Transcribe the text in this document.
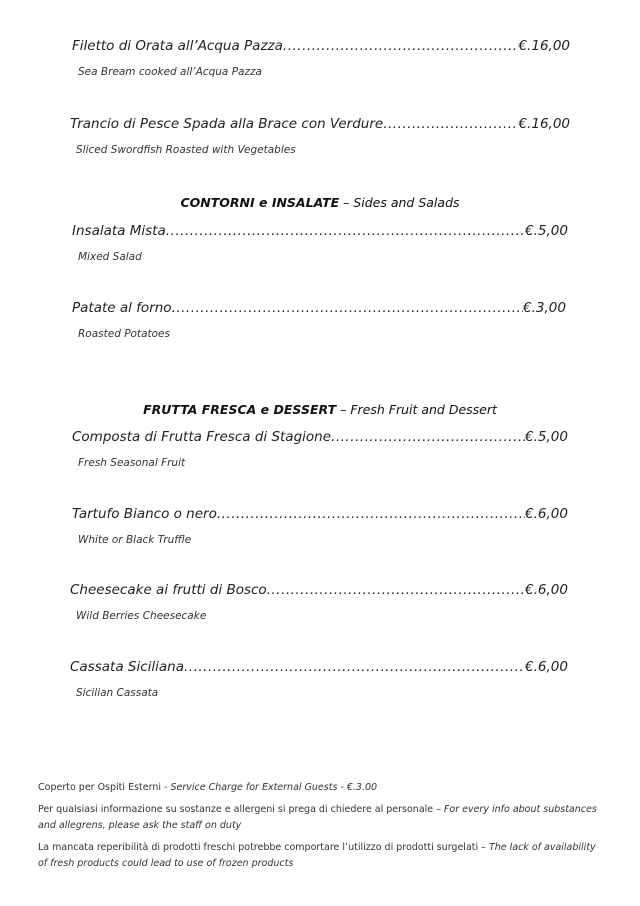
Filetto di Orata all’Acqua Pazza .....	€.16,00
Sea Bream cooked all’Acqua Pazza
Trancio di Pesce Spada alla Brace con Verdure .....	€.16,00
Sliced Swordfish Roasted with Vegetables
CONTORNI e INSALATE – Sides and Salads
Insalata Mista .....	€.5,00
Mixed Salad
Patate al forno .....	€.3,00
Roasted Potatoes
FRUTTA FRESCA e DESSERT – Fresh Fruit and Dessert
Composta di Frutta Fresca di Stagione .....	€.5,00
Fresh Seasonal Fruit
Tartufo Bianco o nero .....	€.6,00
White or Black Truffle
Cheesecake ai frutti di Bosco .....	€.6,00
Wild Berries Cheesecake
Cassata Siciliana .....	€.6,00
Sicilian Cassata

Coperto per Ospiti Esterni - Service Charge for External Guests - €.3.00

Per qualsiasi informazione su sostanze e allergeni si prega di chiedere al personale – For every info about substances and allegrens, please ask the staff on duty

La mancata reperibilità di prodotti freschi potrebbe comportare l’utilizzo di prodotti surgelati – The lack of availability of fresh products could lead to use of frozen products
